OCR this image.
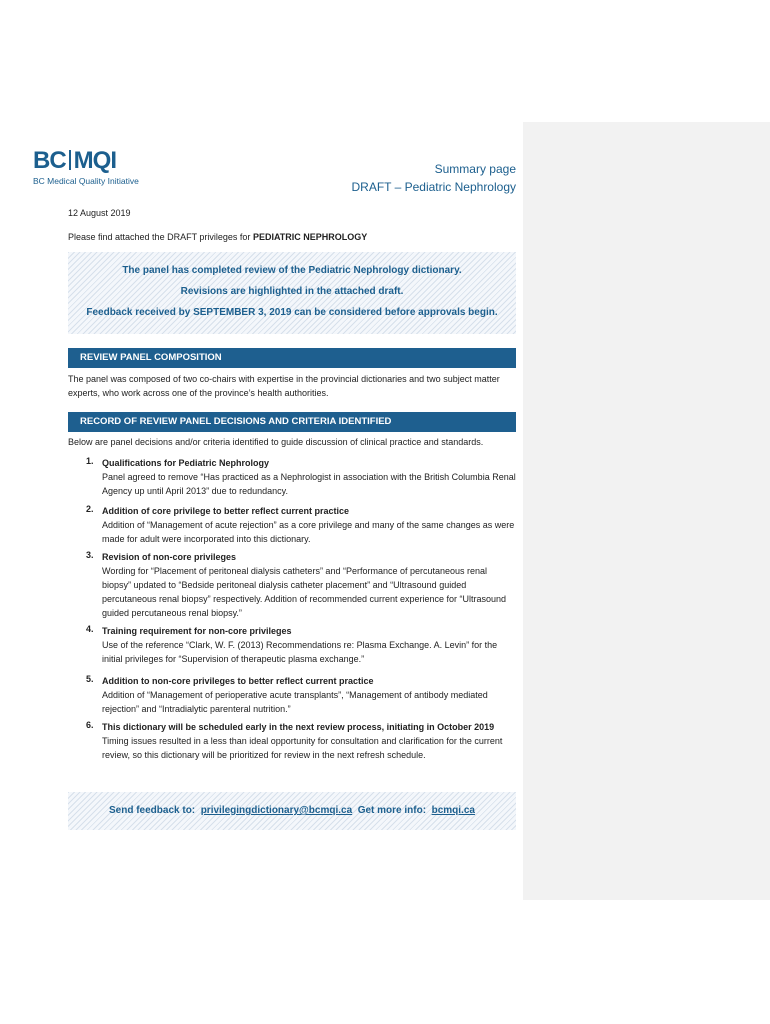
BC MQI
BC Medical Quality Initiative
Summary page
DRAFT – Pediatric Nephrology
12 August 2019
Please find attached the DRAFT privileges for PEDIATRIC NEPHROLOGY
The panel has completed review of the Pediatric Nephrology dictionary.
Revisions are highlighted in the attached draft.
Feedback received by SEPTEMBER 3, 2019 can be considered before approvals begin.
REVIEW PANEL COMPOSITION
The panel was composed of two co-chairs with expertise in the provincial dictionaries and two subject matter experts, who work across one of the province’s health authorities.
RECORD OF REVIEW PANEL DECISIONS AND CRITERIA IDENTIFIED
Below are panel decisions and/or criteria identified to guide discussion of clinical practice and standards.
1. Qualifications for Pediatric Nephrology
Panel agreed to remove “Has practiced as a Nephrologist in association with the British Columbia Renal Agency up until April 2013” due to redundancy.
2. Addition of core privilege to better reflect current practice
Addition of “Management of acute rejection” as a core privilege and many of the same changes as were made for adult were incorporated into this dictionary.
3. Revision of non-core privileges
Wording for “Placement of peritoneal dialysis catheters” and “Performance of percutaneous renal biopsy” updated to “Bedside peritoneal dialysis catheter placement” and “Ultrasound guided percutaneous renal biopsy” respectively. Addition of recommended current experience for “Ultrasound guided percutaneous renal biopsy.”
4. Training requirement for non-core privileges
Use of the reference “Clark, W. F. (2013) Recommendations re: Plasma Exchange. A. Levin” for the initial privileges for “Supervision of therapeutic plasma exchange.”
5. Addition to non-core privileges to better reflect current practice
Addition of “Management of perioperative acute transplants”, “Management of antibody mediated rejection” and “Intradialytic parenteral nutrition.”
6. This dictionary will be scheduled early in the next review process, initiating in October 2019
Timing issues resulted in a less than ideal opportunity for consultation and clarification for the current review, so this dictionary will be prioritized for review in the next refresh schedule.
Send feedback to: privilegingdictionary@bcmqi.ca Get more info: bcmqi.ca
